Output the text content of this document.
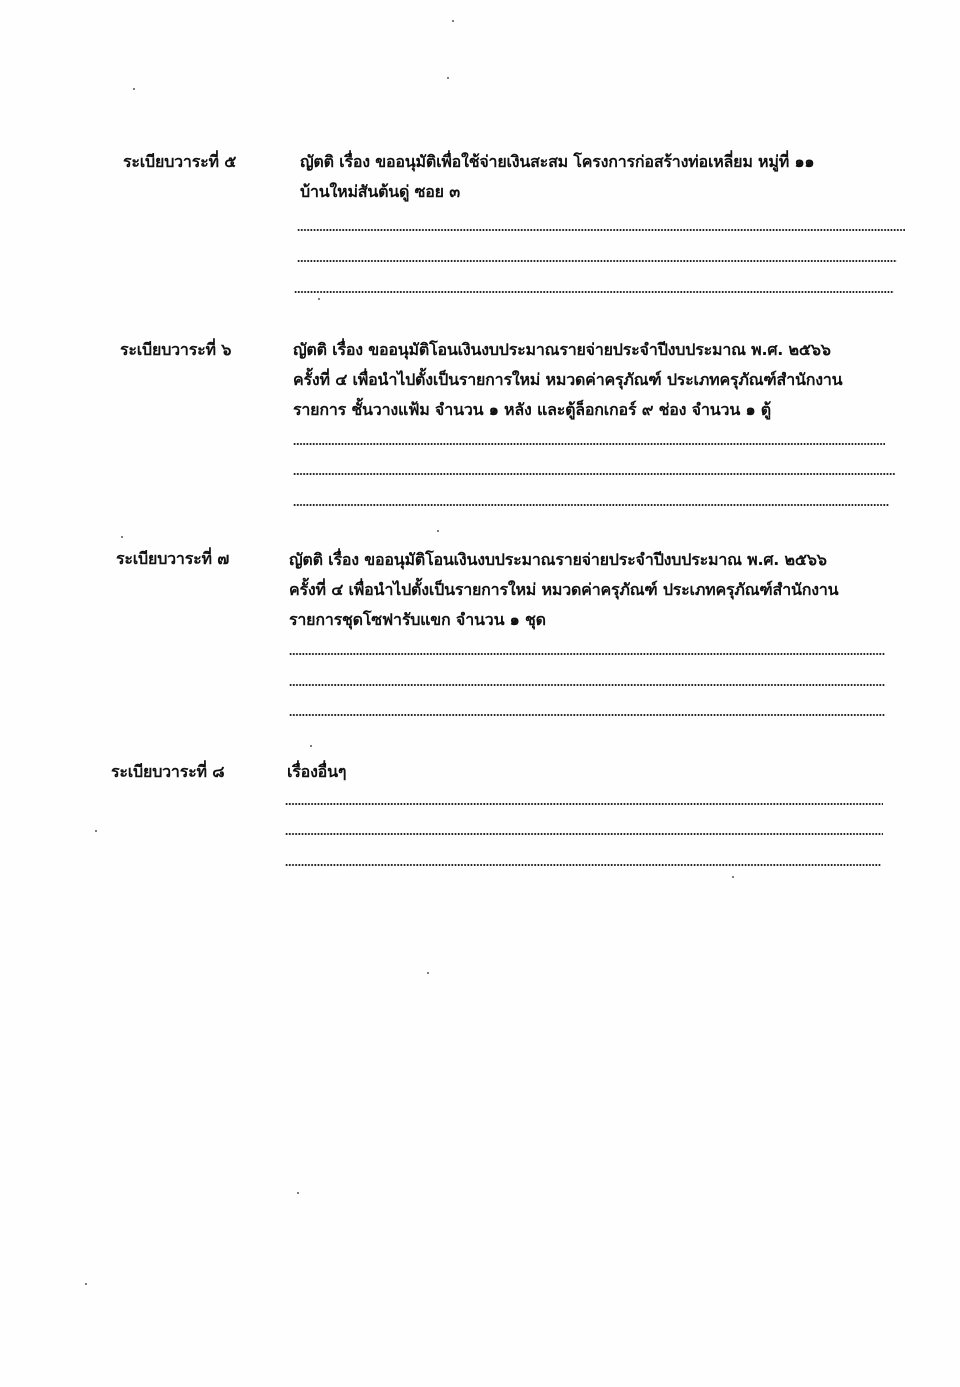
ระเบียบวาระที่ ๕	ญัตติ เรื่อง ขออนุมัติเพื่อใช้จ่ายเงินสะสม โครงการก่อสร้างท่อเหลี่ยม หมู่ที่ ๑๑
บ้านใหม่สันต้นดู่ ซอย ๓
ระเบียบวาระที่ ๖	ญัตติ เรื่อง ขออนุมัติโอนเงินงบประมาณรายจ่ายประจำปีงบประมาณ พ.ศ. ๒๕๖๖
ครั้งที่ ๔ เพื่อนำไปตั้งเป็นรายการใหม่ หมวดค่าครุภัณฑ์ ประเภทครุภัณฑ์สำนักงาน
รายการ ชั้นวางแฟ้ม จำนวน ๑ หลัง และตู้ล็อกเกอร์ ๙ ช่อง จำนวน ๑ ตู้
ระเบียบวาระที่ ๗	ญัตติ เรื่อง ขออนุมัติโอนเงินงบประมาณรายจ่ายประจำปีงบประมาณ พ.ศ. ๒๕๖๖
ครั้งที่ ๔ เพื่อนำไปตั้งเป็นรายการใหม่ หมวดค่าครุภัณฑ์ ประเภทครุภัณฑ์สำนักงาน
รายการชุดโซฟารับแขก จำนวน ๑ ชุด
ระเบียบวาระที่ ๘	เรื่องอื่นๆ
